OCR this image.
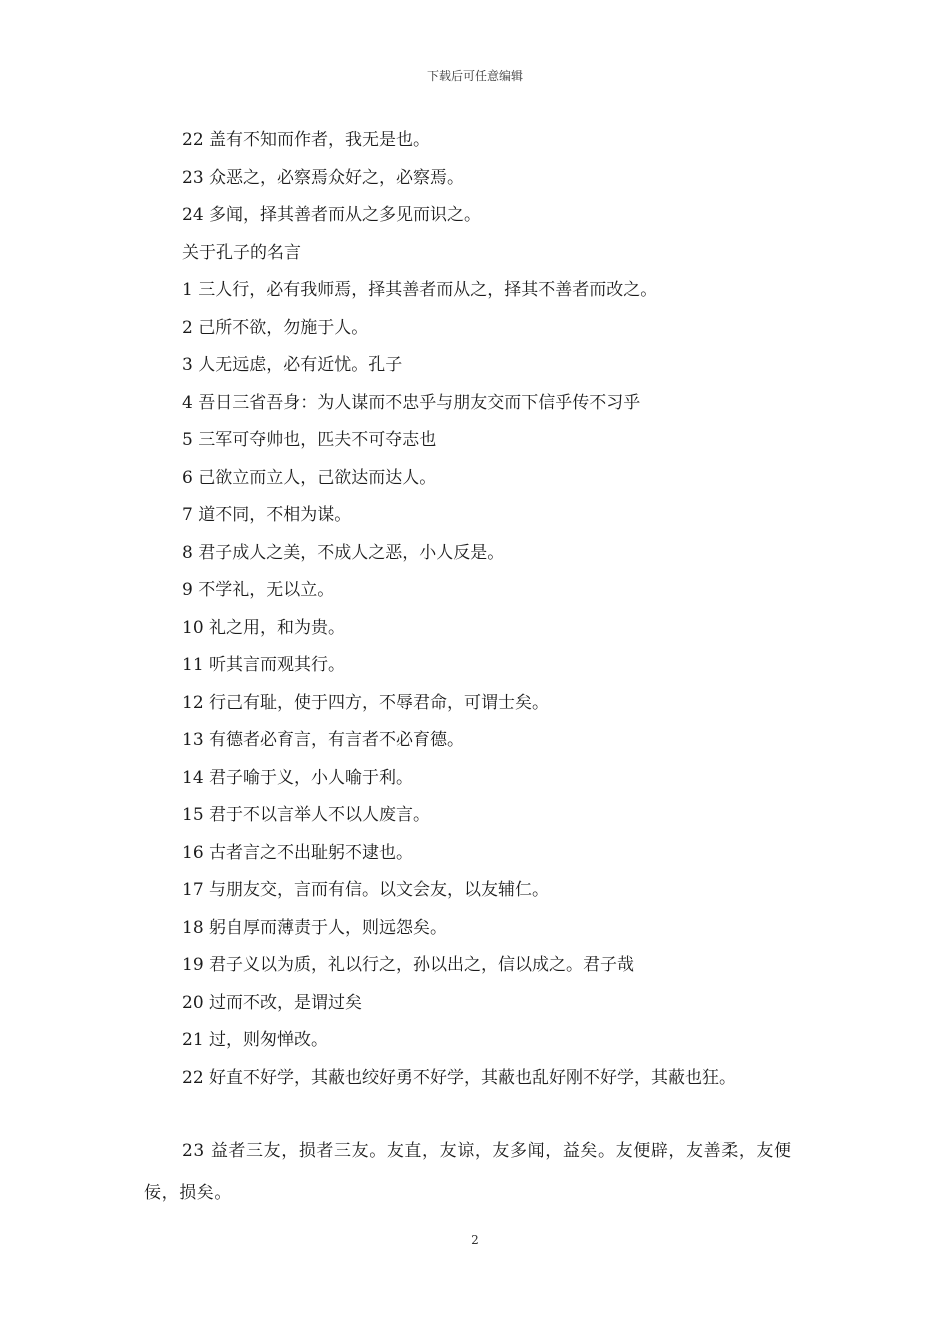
下载后可任意编辑
22 盖有不知而作者，我无是也。
23 众恶之，必察焉众好之，必察焉。
24 多闻，择其善者而从之多见而识之。
关于孔子的名言
1 三人行，必有我师焉，择其善者而从之，择其不善者而改之。
2 己所不欲，勿施于人。
3 人无远虑，必有近忧。孔子
4 吾日三省吾身：为人谋而不忠乎与朋友交而下信乎传不习乎
5 三军可夺帅也，匹夫不可夺志也
6 己欲立而立人，己欲达而达人。
7 道不同，不相为谋。
8 君子成人之美，不成人之恶，小人反是。
9 不学礼，无以立。
10 礼之用，和为贵。
11 听其言而观其行。
12 行己有耻，使于四方，不辱君命，可谓士矣。
13 有德者必育言，有言者不必育德。
14 君子喻于义，小人喻于利。
15 君于不以言举人不以人废言。
16 古者言之不出耻躬不逮也。
17 与朋友交，言而有信。以文会友，以友辅仁。
18 躬自厚而薄责于人，则远怨矣。
19 君子义以为质，礼以行之，孙以出之，信以成之。君子哉
20 过而不改，是谓过矣
21 过，则匆惮改。
22 好直不好学，其蔽也绞好勇不好学，其蔽也乱好刚不好学，其蔽也狂。
23 益者三友，损者三友。友直，友谅，友多闻，益矣。友便辟，友善柔，友便佞，损矣。
2
